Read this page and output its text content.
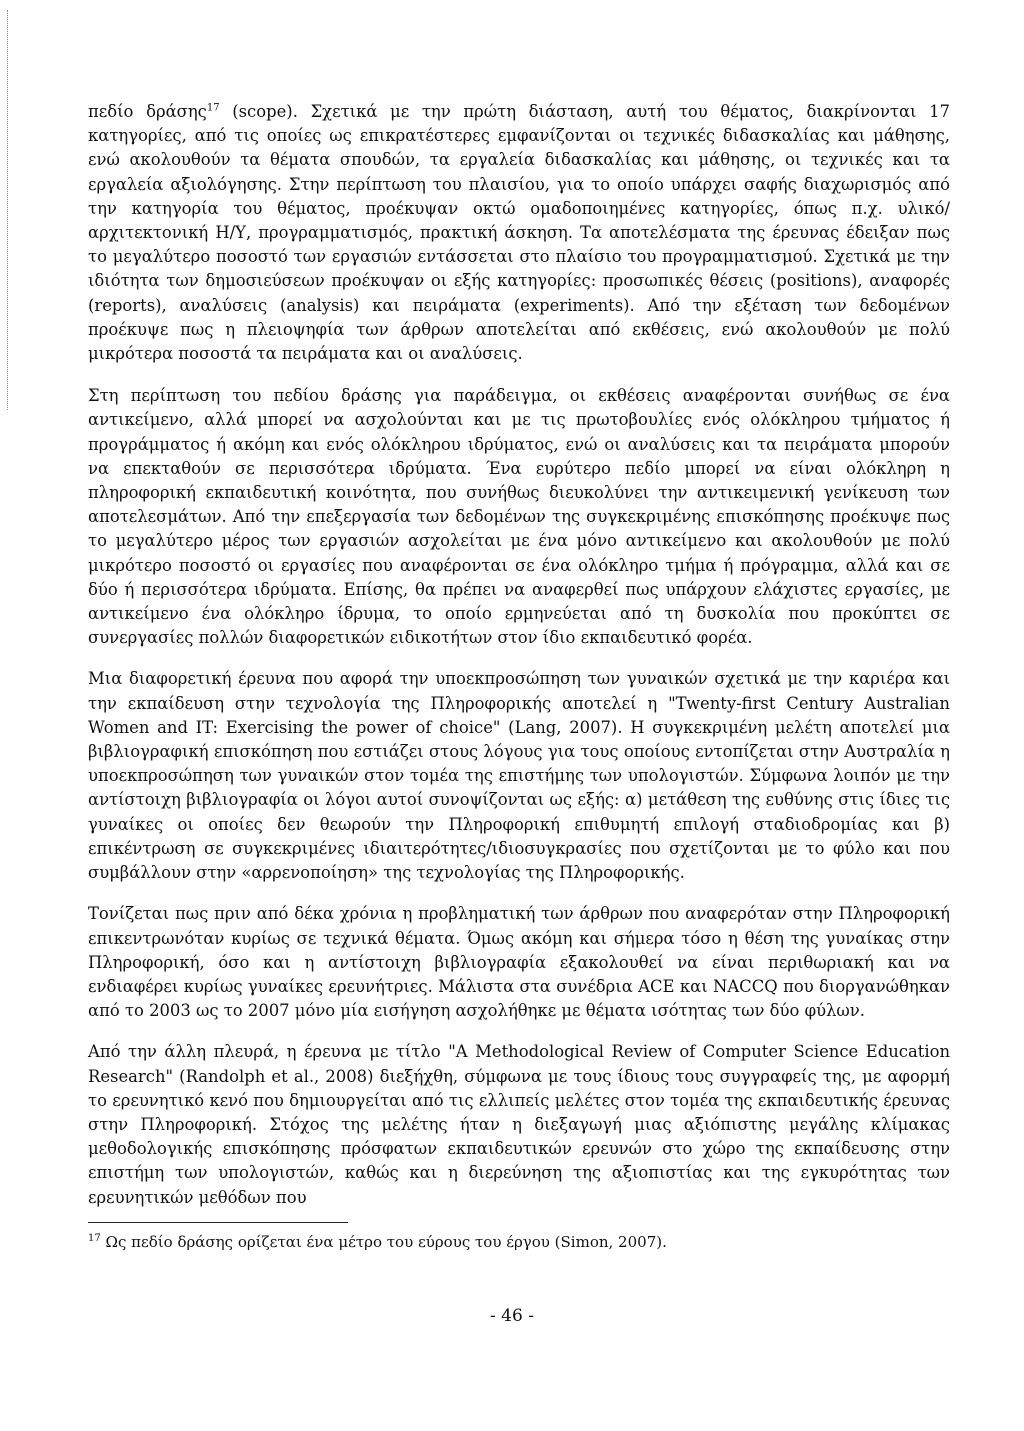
πεδίο δράσης$^{17}$ (scope). Σχετικά με την πρώτη διάσταση, αυτή του θέματος, διακρίνονται 17 κατηγορίες, από τις οποίες ως επικρατέστερες εμφανίζονται οι τεχνικές διδασκαλίας και μάθησης, ενώ ακολουθούν τα θέματα σπουδών, τα εργαλεία διδασκαλίας και μάθησης, οι τεχνικές και τα εργαλεία αξιολόγησης. Στην περίπτωση του πλαισίου, για το οποίο υπάρχει σαφής διαχωρισμός από την κατηγορία του θέματος, προέκυψαν οκτώ ομαδοποιημένες κατηγορίες, όπως π.χ. υλικό/αρχιτεκτονική Η/Υ, προγραμματισμός, πρακτική άσκηση. Τα αποτελέσματα της έρευνας έδειξαν πως το μεγαλύτερο ποσοστό των εργασιών εντάσσεται στο πλαίσιο του προγραμματισμού. Σχετικά με την ιδιότητα των δημοσιεύσεων προέκυψαν οι εξής κατηγορίες: προσωπικές θέσεις (positions), αναφορές (reports), αναλύσεις (analysis) και πειράματα (experiments). Από την εξέταση των δεδομένων προέκυψε πως η πλειοψηφία των άρθρων αποτελείται από εκθέσεις, ενώ ακολουθούν με πολύ μικρότερα ποσοστά τα πειράματα και οι αναλύσεις.

Στη περίπτωση του πεδίου δράσης για παράδειγμα, οι εκθέσεις αναφέρονται συνήθως σε ένα αντικείμενο, αλλά μπορεί να ασχολούνται και με τις πρωτοβουλίες ενός ολόκληρου τμήματος ή προγράμματος ή ακόμη και ενός ολόκληρου ιδρύματος, ενώ οι αναλύσεις και τα πειράματα μπορούν να επεκταθούν σε περισσότερα ιδρύματα. Ένα ευρύτερο πεδίο μπορεί να είναι ολόκληρη η πληροφορική εκπαιδευτική κοινότητα, που συνήθως διευκολύνει την αντικειμενική γενίκευση των αποτελεσμάτων. Από την επεξεργασία των δεδομένων της συγκεκριμένης επισκόπησης προέκυψε πως το μεγαλύτερο μέρος των εργασιών ασχολείται με ένα μόνο αντικείμενο και ακολουθούν με πολύ μικρότερο ποσοστό οι εργασίες που αναφέρονται σε ένα ολόκληρο τμήμα ή πρόγραμμα, αλλά και σε δύο ή περισσότερα ιδρύματα. Επίσης, θα πρέπει να αναφερθεί πως υπάρχουν ελάχιστες εργασίες, με αντικείμενο ένα ολόκληρο ίδρυμα, το οποίο ερμηνεύεται από τη δυσκολία που προκύπτει σε συνεργασίες πολλών διαφορετικών ειδικοτήτων στον ίδιο εκπαιδευτικό φορέα.

Μια διαφορετική έρευνα που αφορά την υποεκπροσώπηση των γυναικών σχετικά με την καριέρα και την εκπαίδευση στην τεχνολογία της Πληροφορικής αποτελεί η "Twenty-first Century Australian Women and IT: Exercising the power of choice" (Lang, 2007). Η συγκεκριμένη μελέτη αποτελεί μια βιβλιογραφική επισκόπηση που εστιάζει στους λόγους για τους οποίους εντοπίζεται στην Αυστραλία η υποεκπροσώπηση των γυναικών στον τομέα της επιστήμης των υπολογιστών. Σύμφωνα λοιπόν με την αντίστοιχη βιβλιογραφία οι λόγοι αυτοί συνοψίζονται ως εξής: α) μετάθεση της ευθύνης στις ίδιες τις γυναίκες οι οποίες δεν θεωρούν την Πληροφορική επιθυμητή επιλογή σταδιοδρομίας και β) επικέντρωση σε συγκεκριμένες ιδιαιτερότητες/ιδιοσυγκρασίες που σχετίζονται με το φύλο και που συμβάλλουν στην «αρρενοποίηση» της τεχνολογίας της Πληροφορικής.

Τονίζεται πως πριν από δέκα χρόνια η προβληματική των άρθρων που αναφερόταν στην Πληροφορική επικεντρωνόταν κυρίως σε τεχνικά θέματα. Όμως ακόμη και σήμερα τόσο η θέση της γυναίκας στην Πληροφορική, όσο και η αντίστοιχη βιβλιογραφία εξακολουθεί να είναι περιθωριακή και να ενδιαφέρει κυρίως γυναίκες ερευνήτριες. Μάλιστα στα συνέδρια ACE και NACCQ που διοργανώθηκαν από το 2003 ως το 2007 μόνο μία εισήγηση ασχολήθηκε με θέματα ισότητας των δύο φύλων.

Από την άλλη πλευρά, η έρευνα με τίτλο "A Methodological Review of Computer Science Education Research" (Randolph et al., 2008) διεξήχθη, σύμφωνα με τους ίδιους τους συγγραφείς της, με αφορμή το ερευνητικό κενό που δημιουργείται από τις ελλιπείς μελέτες στον τομέα της εκπαιδευτικής έρευνας στην Πληροφορική. Στόχος της μελέτης ήταν η διεξαγωγή μιας αξιόπιστης μεγάλης κλίμακας μεθοδολογικής επισκόπησης πρόσφατων εκπαιδευτικών ερευνών στο χώρο της εκπαίδευσης στην επιστήμη των υπολογιστών, καθώς και η διερεύνηση της αξιοπιστίας και της εγκυρότητας των ερευνητικών μεθόδων που

$^{17}$ Ως πεδίο δράσης ορίζεται ένα μέτρο του εύρους του έργου (Simon, 2007).
- 46 -
